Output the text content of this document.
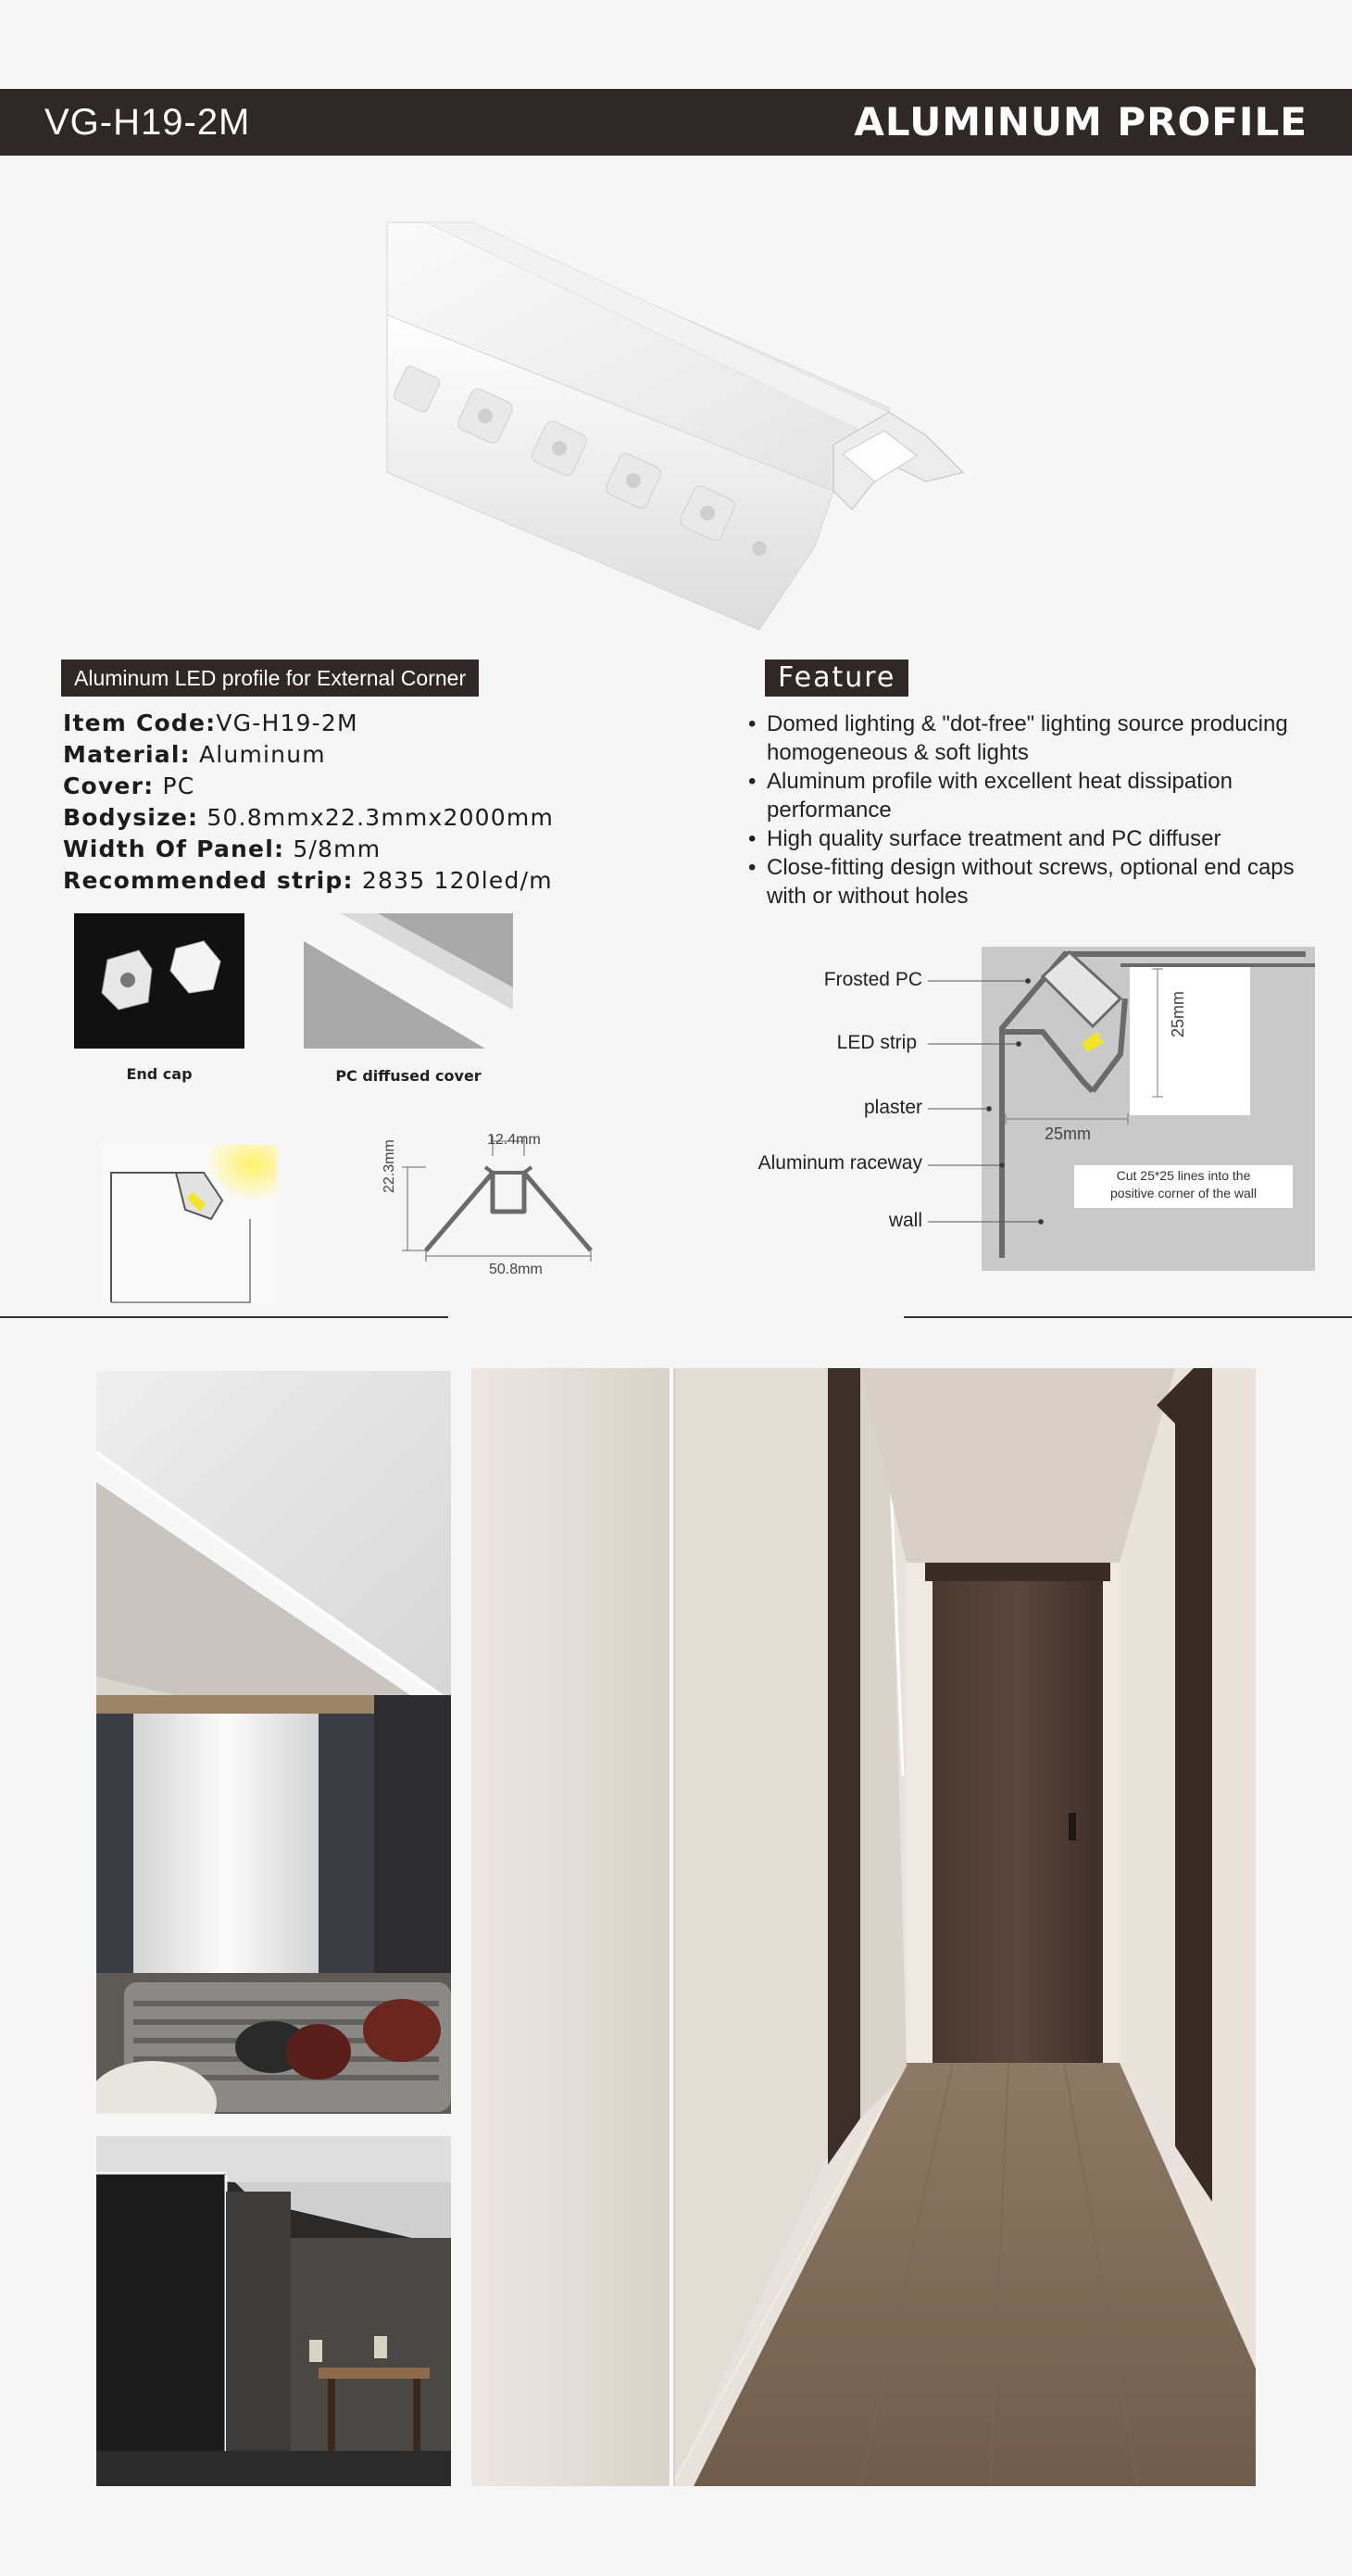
VG-H19-2M	ALUMINUM PROFILE
Aluminum LED profile for External Corner
Item Code:VG-H19-2M
Material: Aluminum
Cover: PC
Bodysize: 50.8mmx22.3mmx2000mm
Width Of Panel: 5/8mm
Recommended strip: 2835 120led/m
End cap	PC diffused cover
12.4mm
22.3mm
50.8mm
Feature
• Domed lighting & "dot-free" lighting source producing homogeneous & soft lights
• Aluminum profile with excellent heat dissipation performance
• High quality surface treatment and PC diffuser
• Close-fitting design without screws, optional end caps with or without holes
25mm
25mm
Cut 25*25 lines into the
positive corner of the wall
Frosted PC
LED strip
plaster
Aluminum raceway
wall
